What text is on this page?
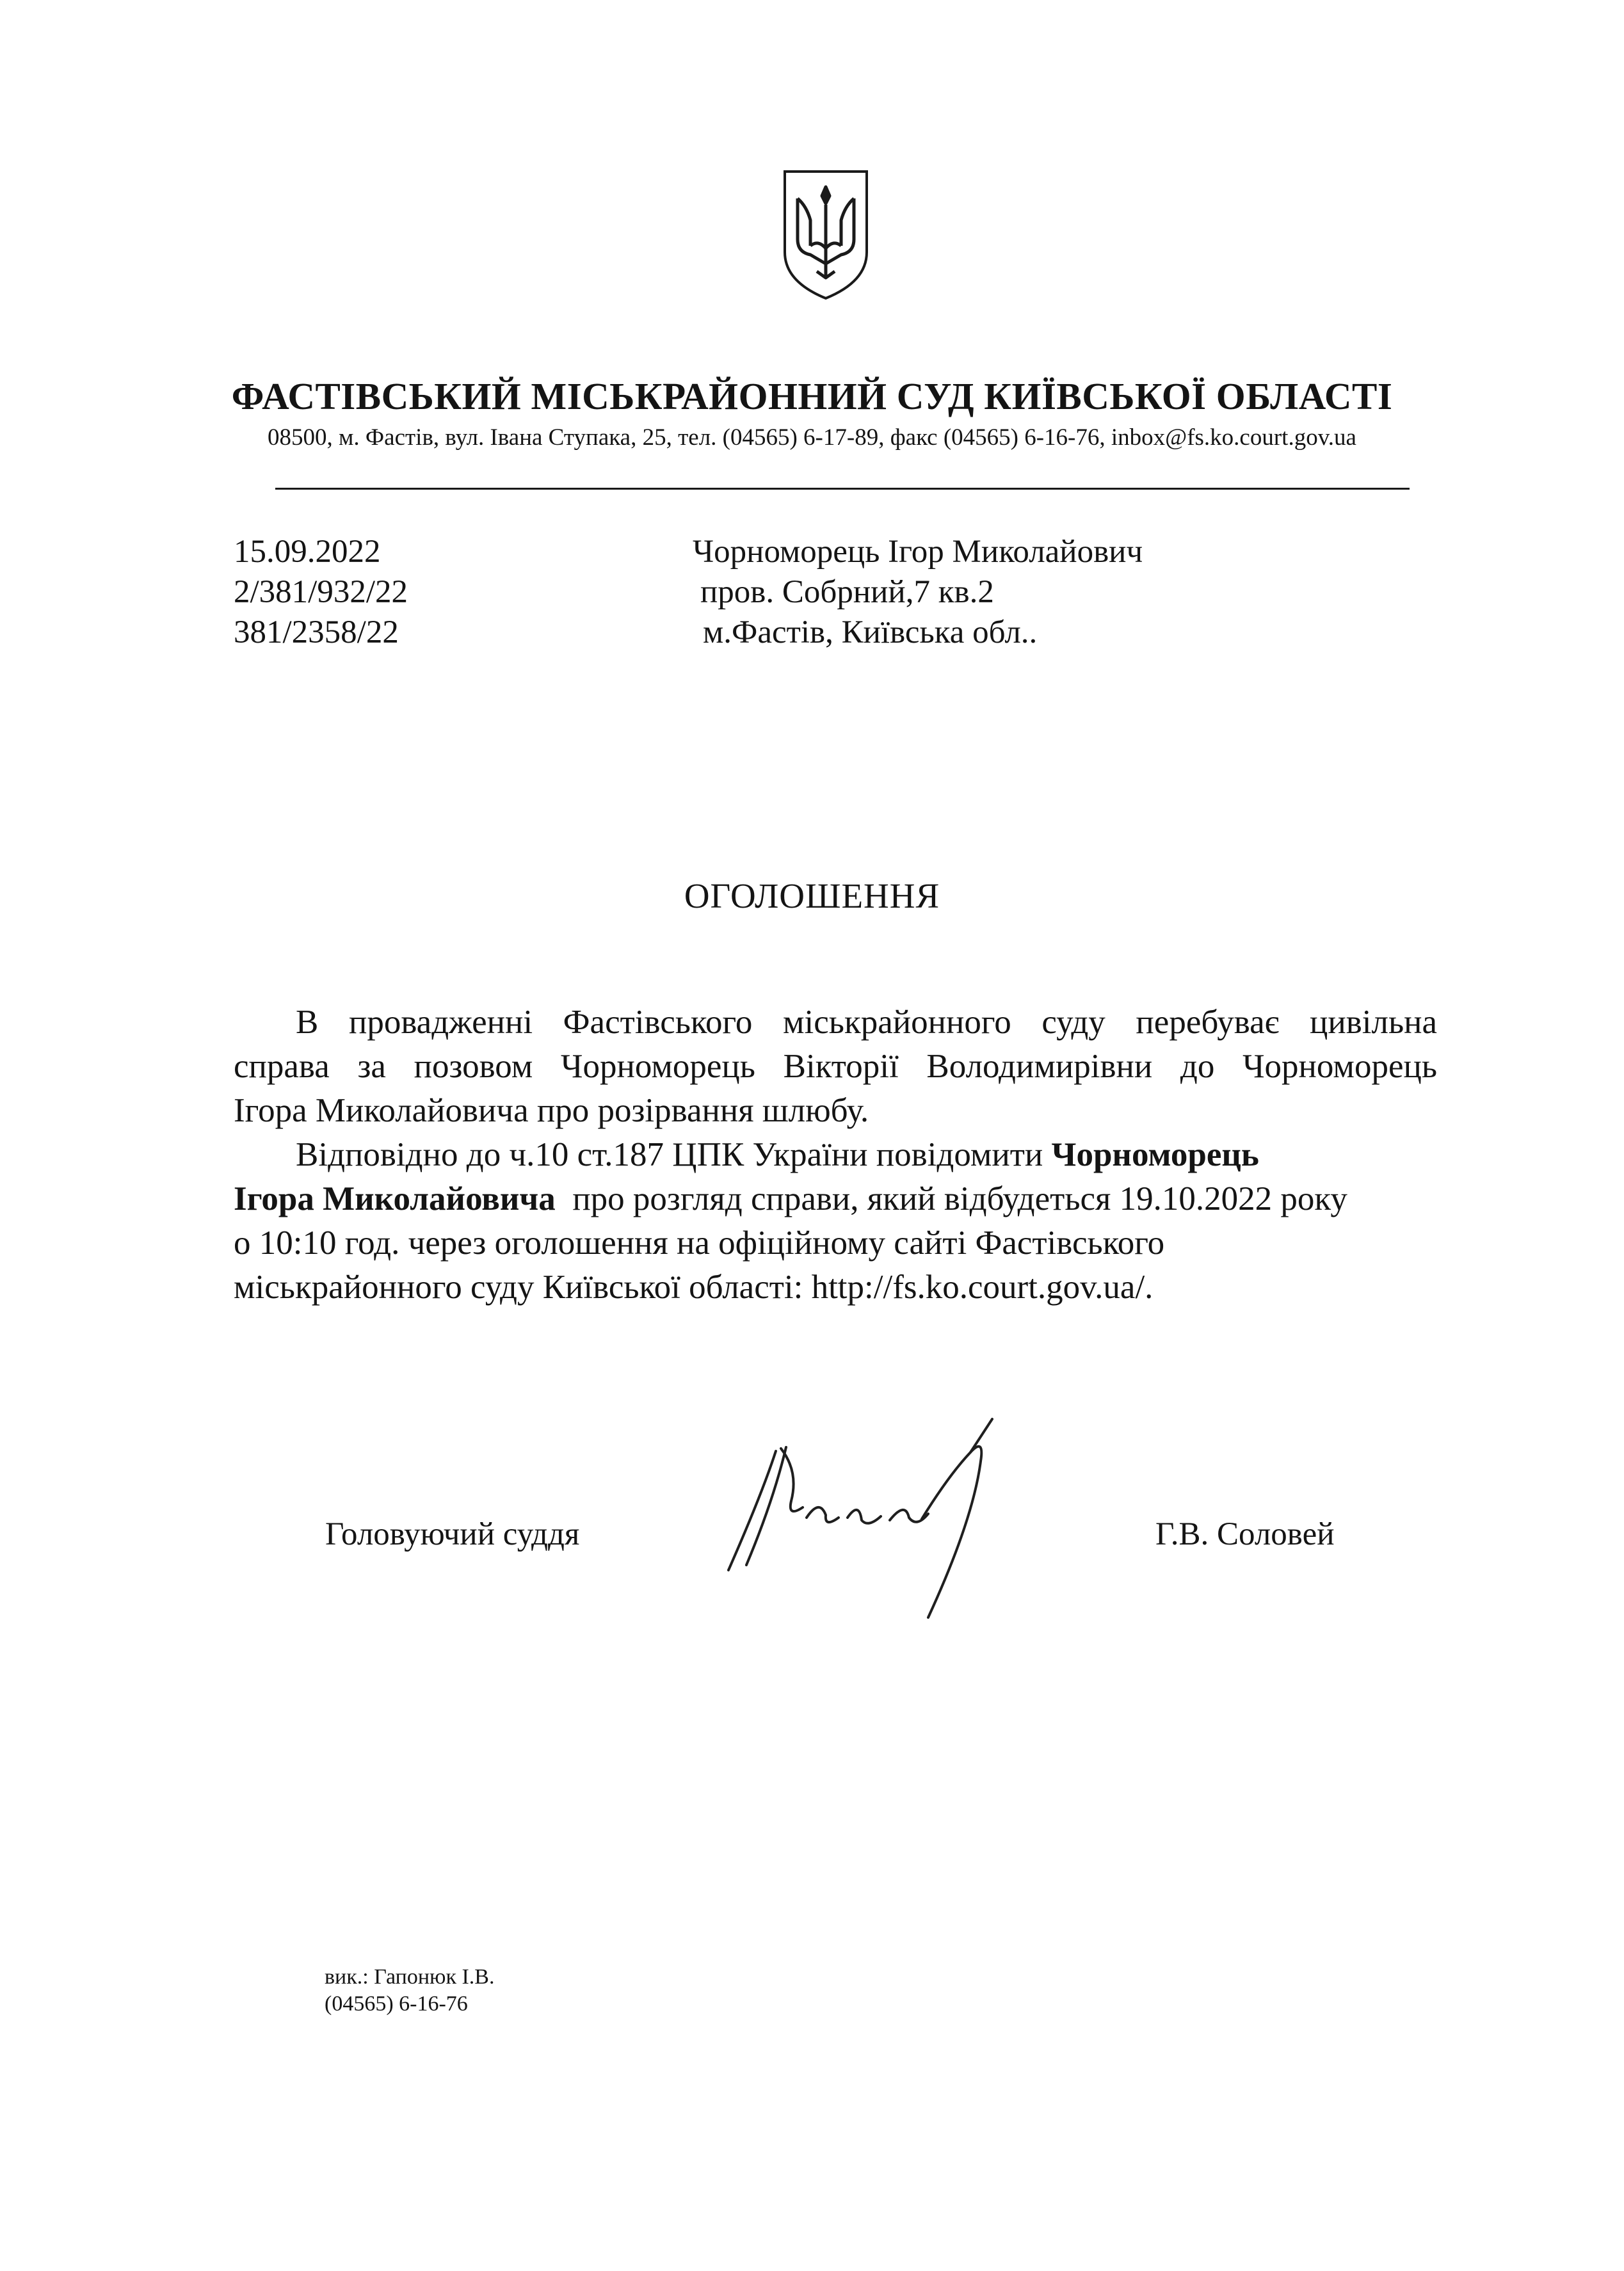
ФАСТІВСЬКИЙ МІСЬКРАЙОННИЙ СУД КИЇВСЬКОЇ ОБЛАСТІ
08500, м. Фастів, вул. Івана Ступака, 25, тел. (04565) 6-17-89, факс (04565) 6-16-76, inbox@fs.ko.court.gov.ua
15.09.2022
2/381/932/22
381/2358/22
Чорноморець Ігор Миколайович
пров. Собрний,7 кв.2
м.Фастів, Київська обл..
ОГОЛОШЕННЯ
В провадженні Фастівського міськрайонного суду перебуває цивільна
справа за позовом Чорноморець Вікторії Володимирівни до Чорноморець
Ігора Миколайовича про розірвання шлюбу.
Відповідно до ч.10 ст.187 ЦПК України повідомити Чорноморець
Ігора Миколайовича  про розгляд справи, який відбудеться 19.10.2022 року
о 10:10 год. через оголошення на офіційному сайті Фастівського
міськрайонного суду Київської області: http://fs.ko.court.gov.ua/.
Головуючий суддя	Г.В. Соловей
вик.: Гапонюк І.В.
(04565) 6-16-76
